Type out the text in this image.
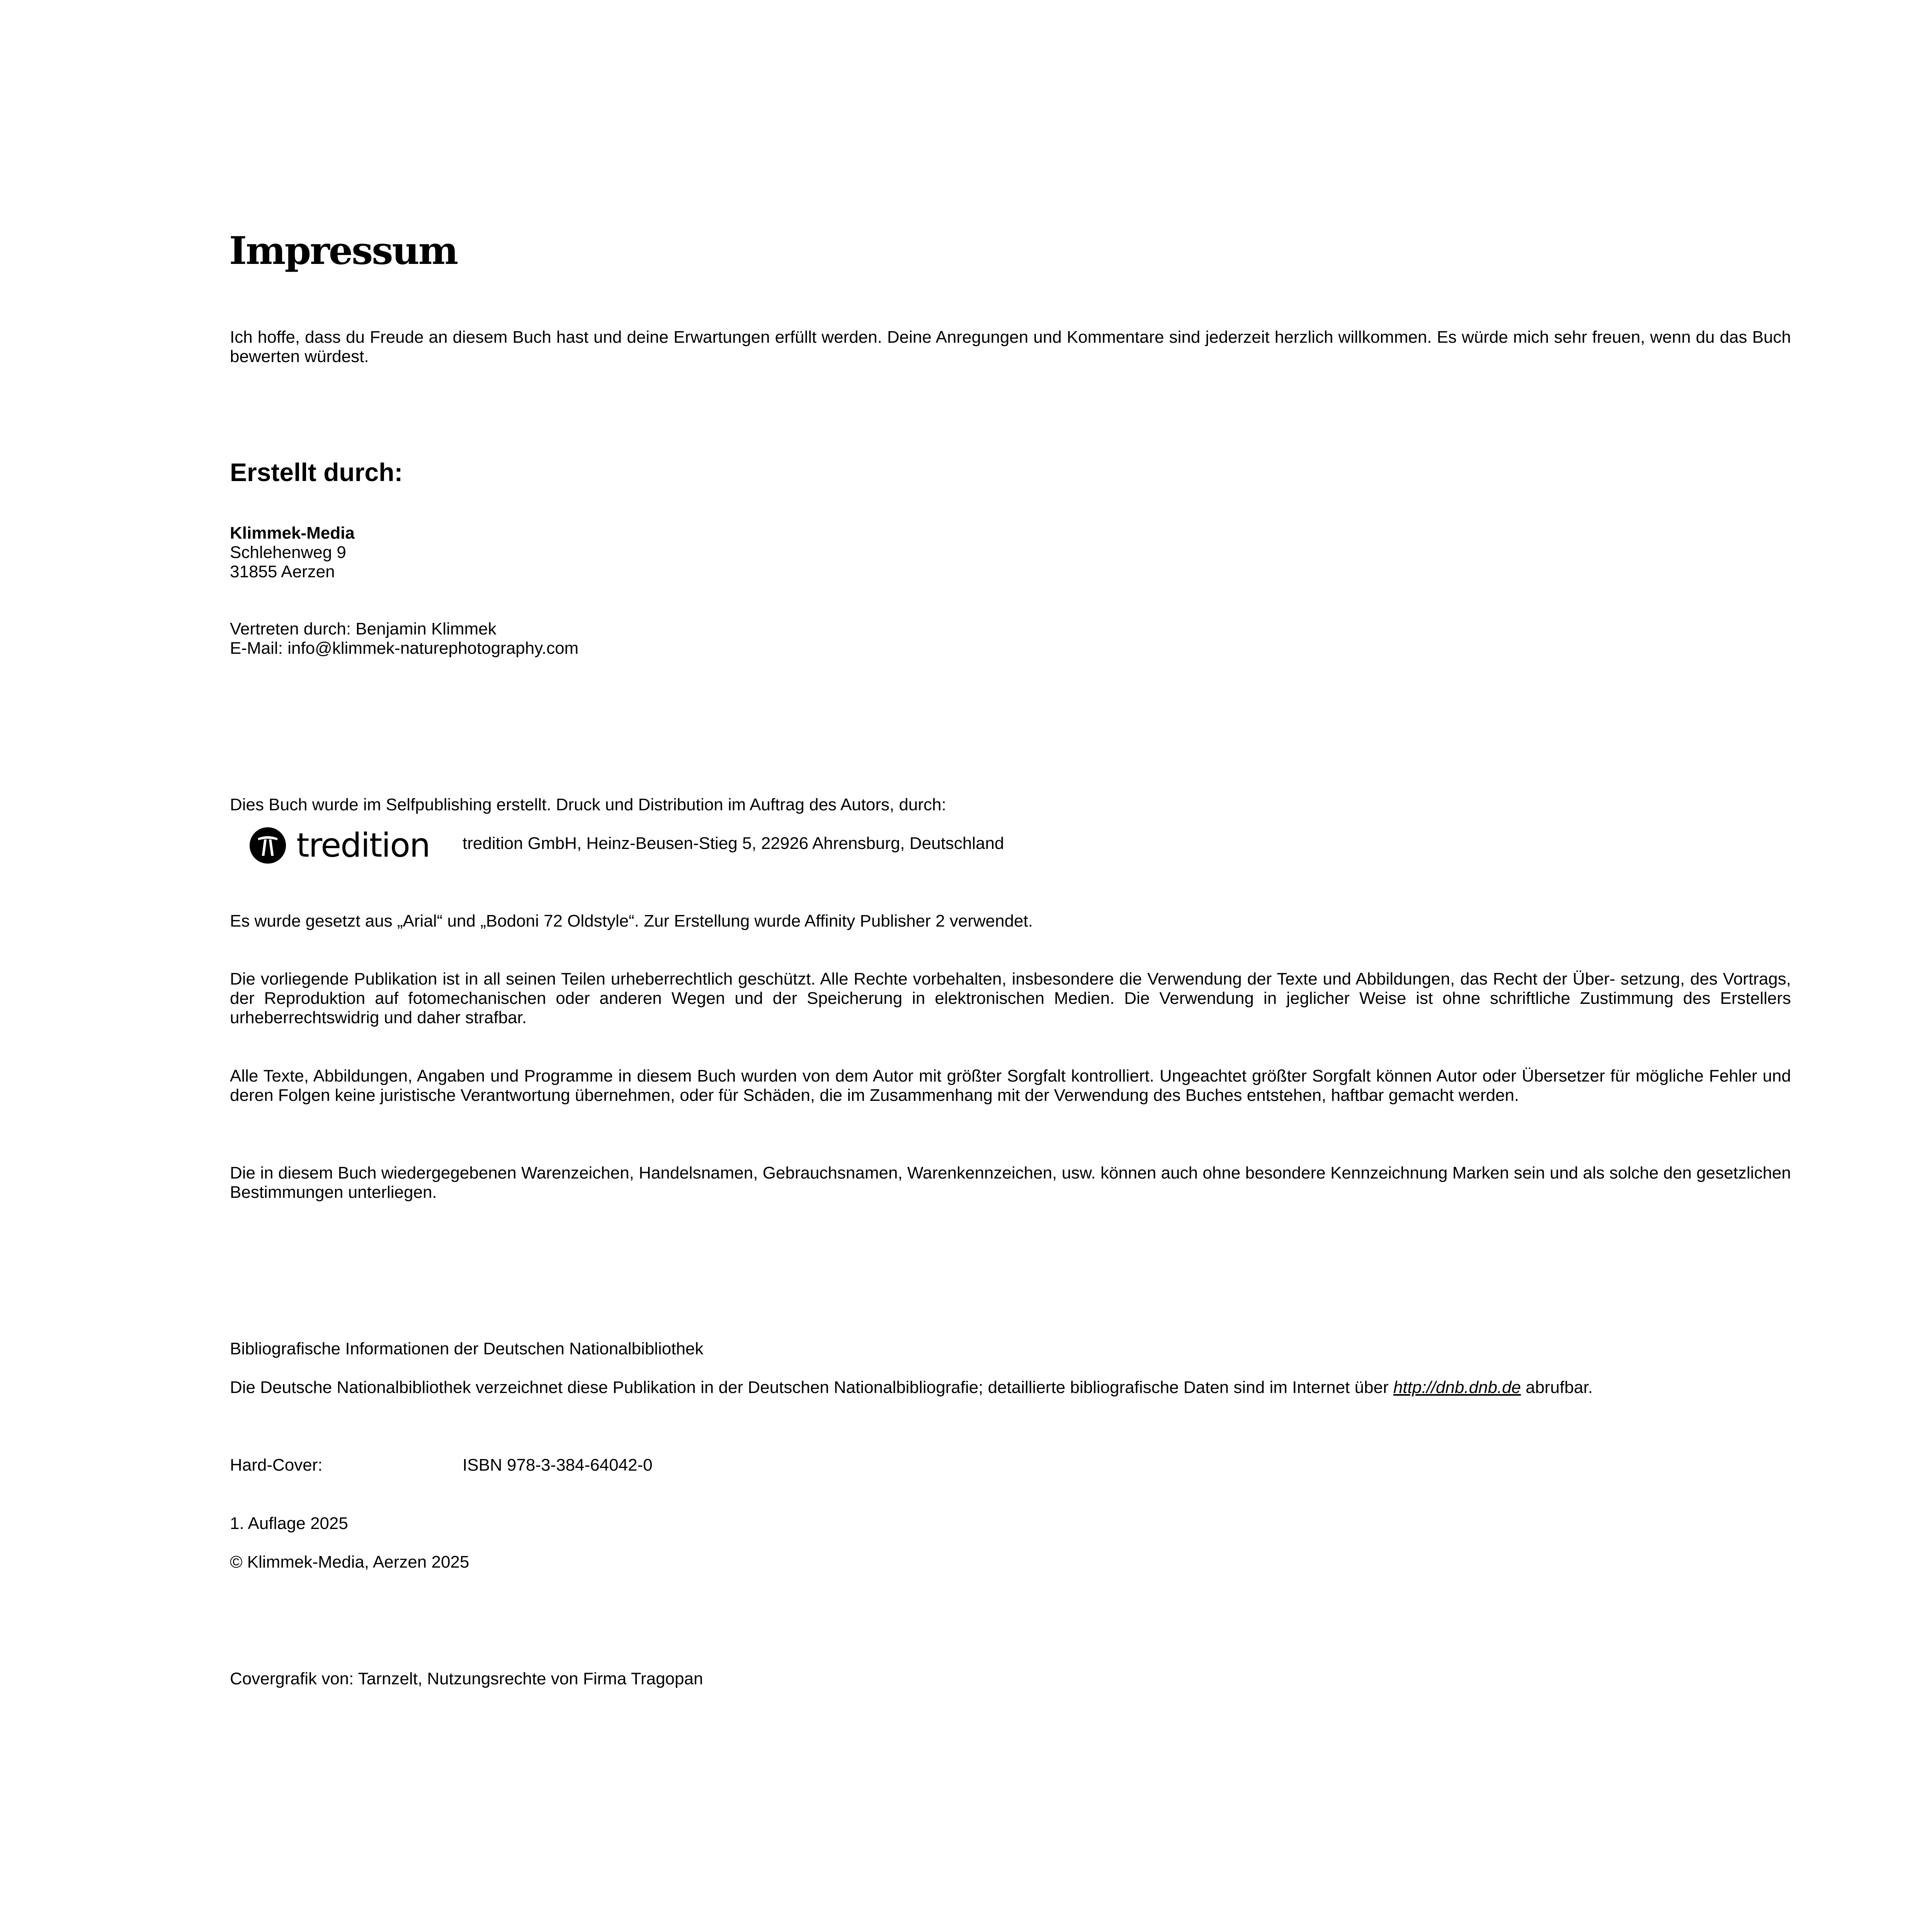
Impressum

Ich hoffe, dass du Freude an diesem Buch hast und deine Erwartungen erfüllt werden. Deine Anregungen und Kommentare sind jederzeit herzlich willkommen. Es würde mich sehr freuen, wenn du das Buch bewerten würdest.

Erstellt durch:
Klimmek-Media
Schlehenweg 9
31855 Aerzen
Vertreten durch: Benjamin Klimmek
E-Mail: info@klimmek-naturephotography.com

Dies Buch wurde im Selfpublishing erstellt. Druck und Distribution im Auftrag des Autors, durch:

tredition tredition GmbH, Heinz-Beusen-Stieg 5, 22926 Ahrensburg, Deutschland

Es wurde gesetzt aus „Arial“ und „Bodoni 72 Oldstyle“. Zur Erstellung wurde Affinity Publisher 2 verwendet.

Die vorliegende Publikation ist in all seinen Teilen urheberrechtlich geschützt. Alle Rechte vorbehalten, insbesondere die Verwendung der Texte und Abbildungen, das Recht der Über- setzung, des Vortrags, der Reproduktion auf fotomechanischen oder anderen Wegen und der Speicherung in elektronischen Medien. Die Verwendung in jeglicher Weise ist ohne schriftliche Zustimmung des Erstellers urheberrechtswidrig und daher strafbar.

Alle Texte, Abbildungen, Angaben und Programme in diesem Buch wurden von dem Autor mit größter Sorgfalt kontrolliert. Ungeachtet größter Sorgfalt können Autor oder Übersetzer für mögliche Fehler und deren Folgen keine juristische Verantwortung übernehmen, oder für Schäden, die im Zusammenhang mit der Verwendung des Buches entstehen, haftbar gemacht werden.

Die in diesem Buch wiedergegebenen Warenzeichen, Handelsnamen, Gebrauchsnamen, Warenkennzeichen, usw. können auch ohne besondere Kennzeichnung Marken sein und als solche den gesetzlichen Bestimmungen unterliegen.

Bibliografische Informationen der Deutschen Nationalbibliothek

Die Deutsche Nationalbibliothek verzeichnet diese Publikation in der Deutschen Nationalbibliografie; detaillierte bibliografische Daten sind im Internet über http://dnb.dnb.de abrufbar.

Hard-Cover:	ISBN 978-3-384-64042-0

1. Auflage 2025

© Klimmek-Media, Aerzen 2025

Covergrafik von: Tarnzelt, Nutzungsrechte von Firma Tragopan
